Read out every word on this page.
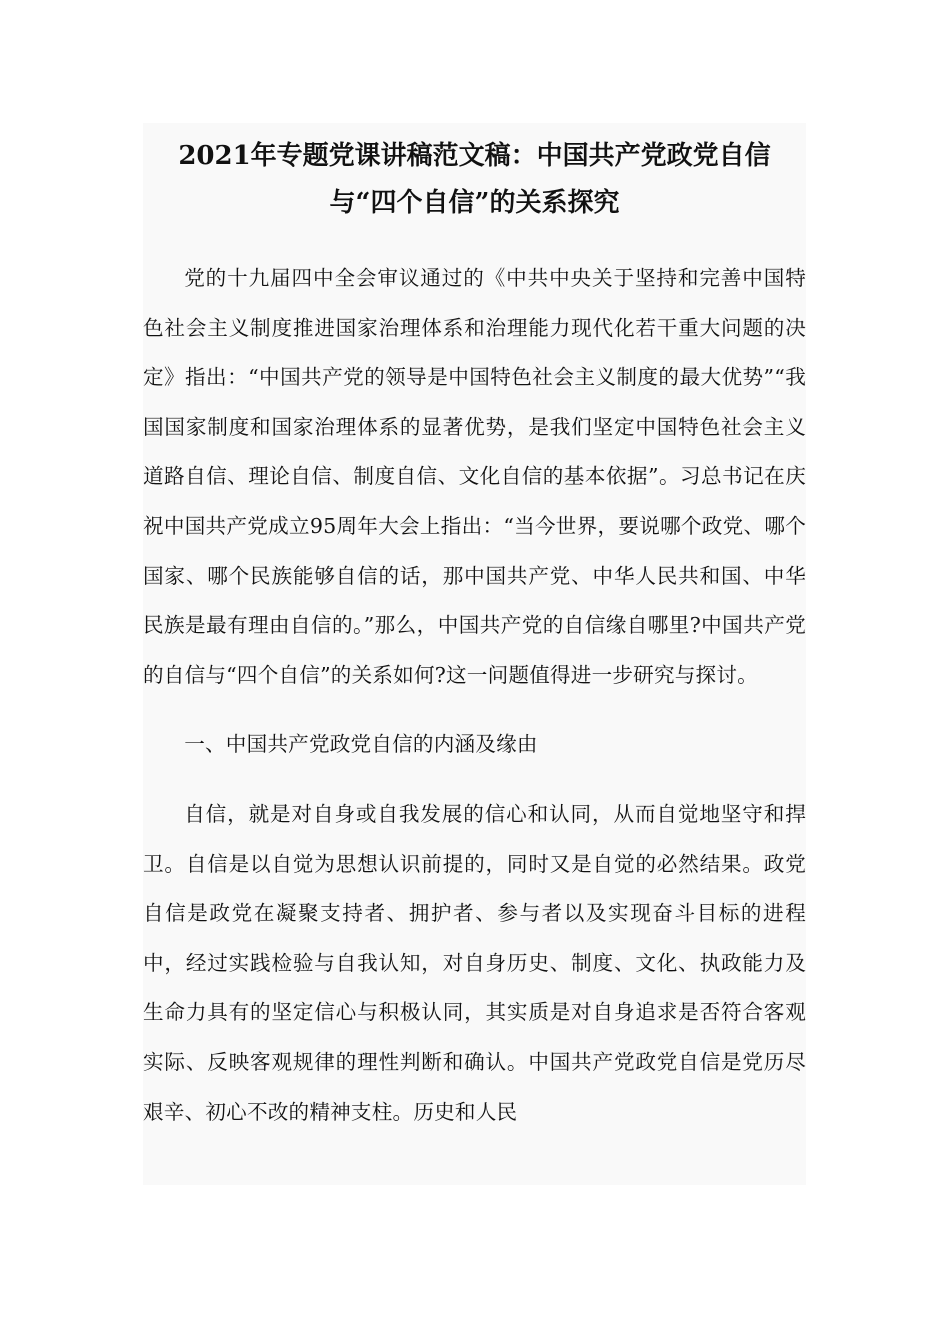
2021年专题党课讲稿范文稿：中国共产党政党自信
与“四个自信”的关系探究

党的十九届四中全会审议通过的《中共中央关于坚持和完善中国特色社会主义制度推进国家治理体系和治理能力现代化若干重大问题的决定》指出：“中国共产党的领导是中国特色社会主义制度的最大优势”“我国国家制度和国家治理体系的显著优势，是我们坚定中国特色社会主义道路自信、理论自信、制度自信、文化自信的基本依据”。习总书记在庆祝中国共产党成立95周年大会上指出：“当今世界，要说哪个政党、哪个国家、哪个民族能够自信的话，那中国共产党、中华人民共和国、中华民族是最有理由自信的。”那么，中国共产党的自信缘自哪里?中国共产党的自信与“四个自信”的关系如何?这一问题值得进一步研究与探讨。

一、中国共产党政党自信的内涵及缘由

自信，就是对自身或自我发展的信心和认同，从而自觉地坚守和捍卫。自信是以自觉为思想认识前提的，同时又是自觉的必然结果。政党自信是政党在凝聚支持者、拥护者、参与者以及实现奋斗目标的进程中，经过实践检验与自我认知，对自身历史、制度、文化、执政能力及生命力具有的坚定信心与积极认同，其实质是对自身追求是否符合客观实际、反映客观规律的理性判断和确认。中国共产党政党自信是党历尽艰辛、初心不改的精神支柱。历史和人民
